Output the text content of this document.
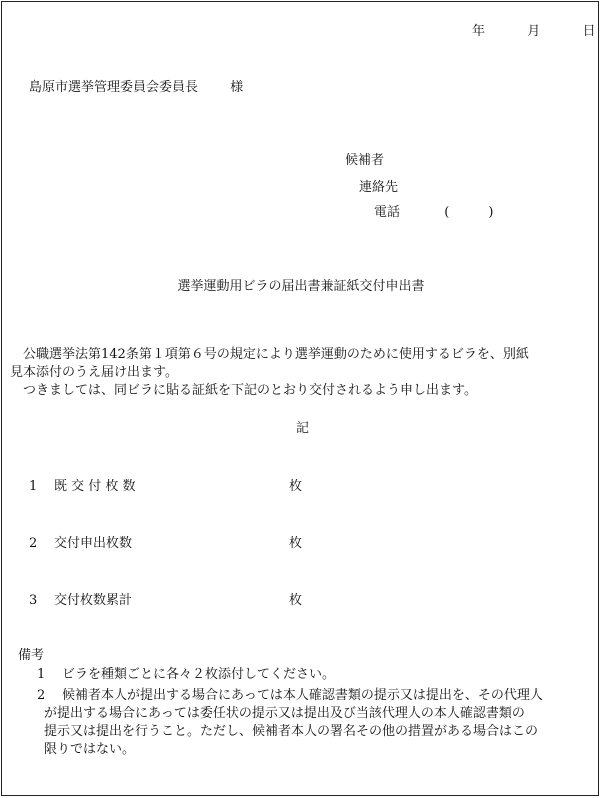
年	月	日
島原市選挙管理委員会委員長 様
候補者
連絡先
電話	(　　　)
選挙運動用ビラの届出書兼証紙交付申出書
公職選挙法第142条第１項第６号の規定により選挙運動のために使用するビラを、別紙
見本添付のうえ届け出ます。
つきましては、同ビラに貼る証紙を下記のとおり交付されるよう申し出ます。
記
1 既 交 付 枚 数	枚
2 交付申出枚数	枚
3 交付枚数累計	枚
備考
1 ビラを種類ごとに各々２枚添付してください。
2	候補者本人が提出する場合にあっては本人確認書類の提示又は提出を、その代理人
が提出する場合にあっては委任状の提示又は提出及び当該代理人の本人確認書類の
提示又は提出を行うこと。ただし、候補者本人の署名その他の措置がある場合はこの
限りではない。
